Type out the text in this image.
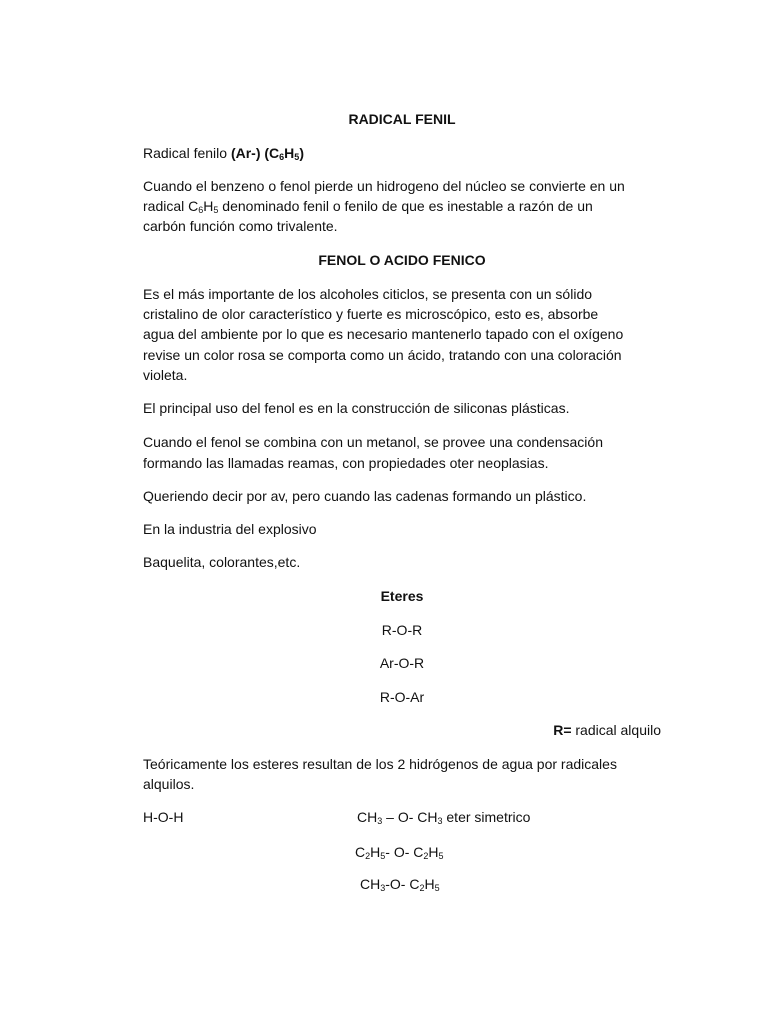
RADICAL FENIL
Radical fenilo (Ar-) $(C_6H_5)$
Cuando el benzeno o fenol pierde un hidrogeno del núcleo se convierte en un
radical $C_6H_5$ denominado fenil o fenilo de que es inestable a razón de un
carbón función como trivalente.
FENOL O ACIDO FENICO
Es el más importante de los alcoholes citiclos, se presenta con un sólido
cristalino de olor característico y fuerte es microscópico, esto es, absorbe
agua del ambiente por lo que es necesario mantenerlo tapado con el oxígeno
revise un color rosa se comporta como un ácido, tratando con una coloración
violeta.
El principal uso del fenol es en la construcción de siliconas plásticas.
Cuando el fenol se combina con un metanol, se provee una condensación
formando las llamadas reamas, con propiedades oter neoplasias.
Queriendo decir por av, pero cuando las cadenas formando un plástico.
En la industria del explosivo
Baquelita, colorantes,etc.
Eteres
R-O-R
Ar-O-R
R-O-Ar
R= radical alquilo
Teóricamente los esteres resultan de los 2 hidrógenos de agua por radicales
alquilos.
H-O-H	$CH_3 - O-$ $CH_3$ eter simetrico
$C_2H_5-$ O- $C_2H_5$
$CH_3-O-$ $C_2H_5$
